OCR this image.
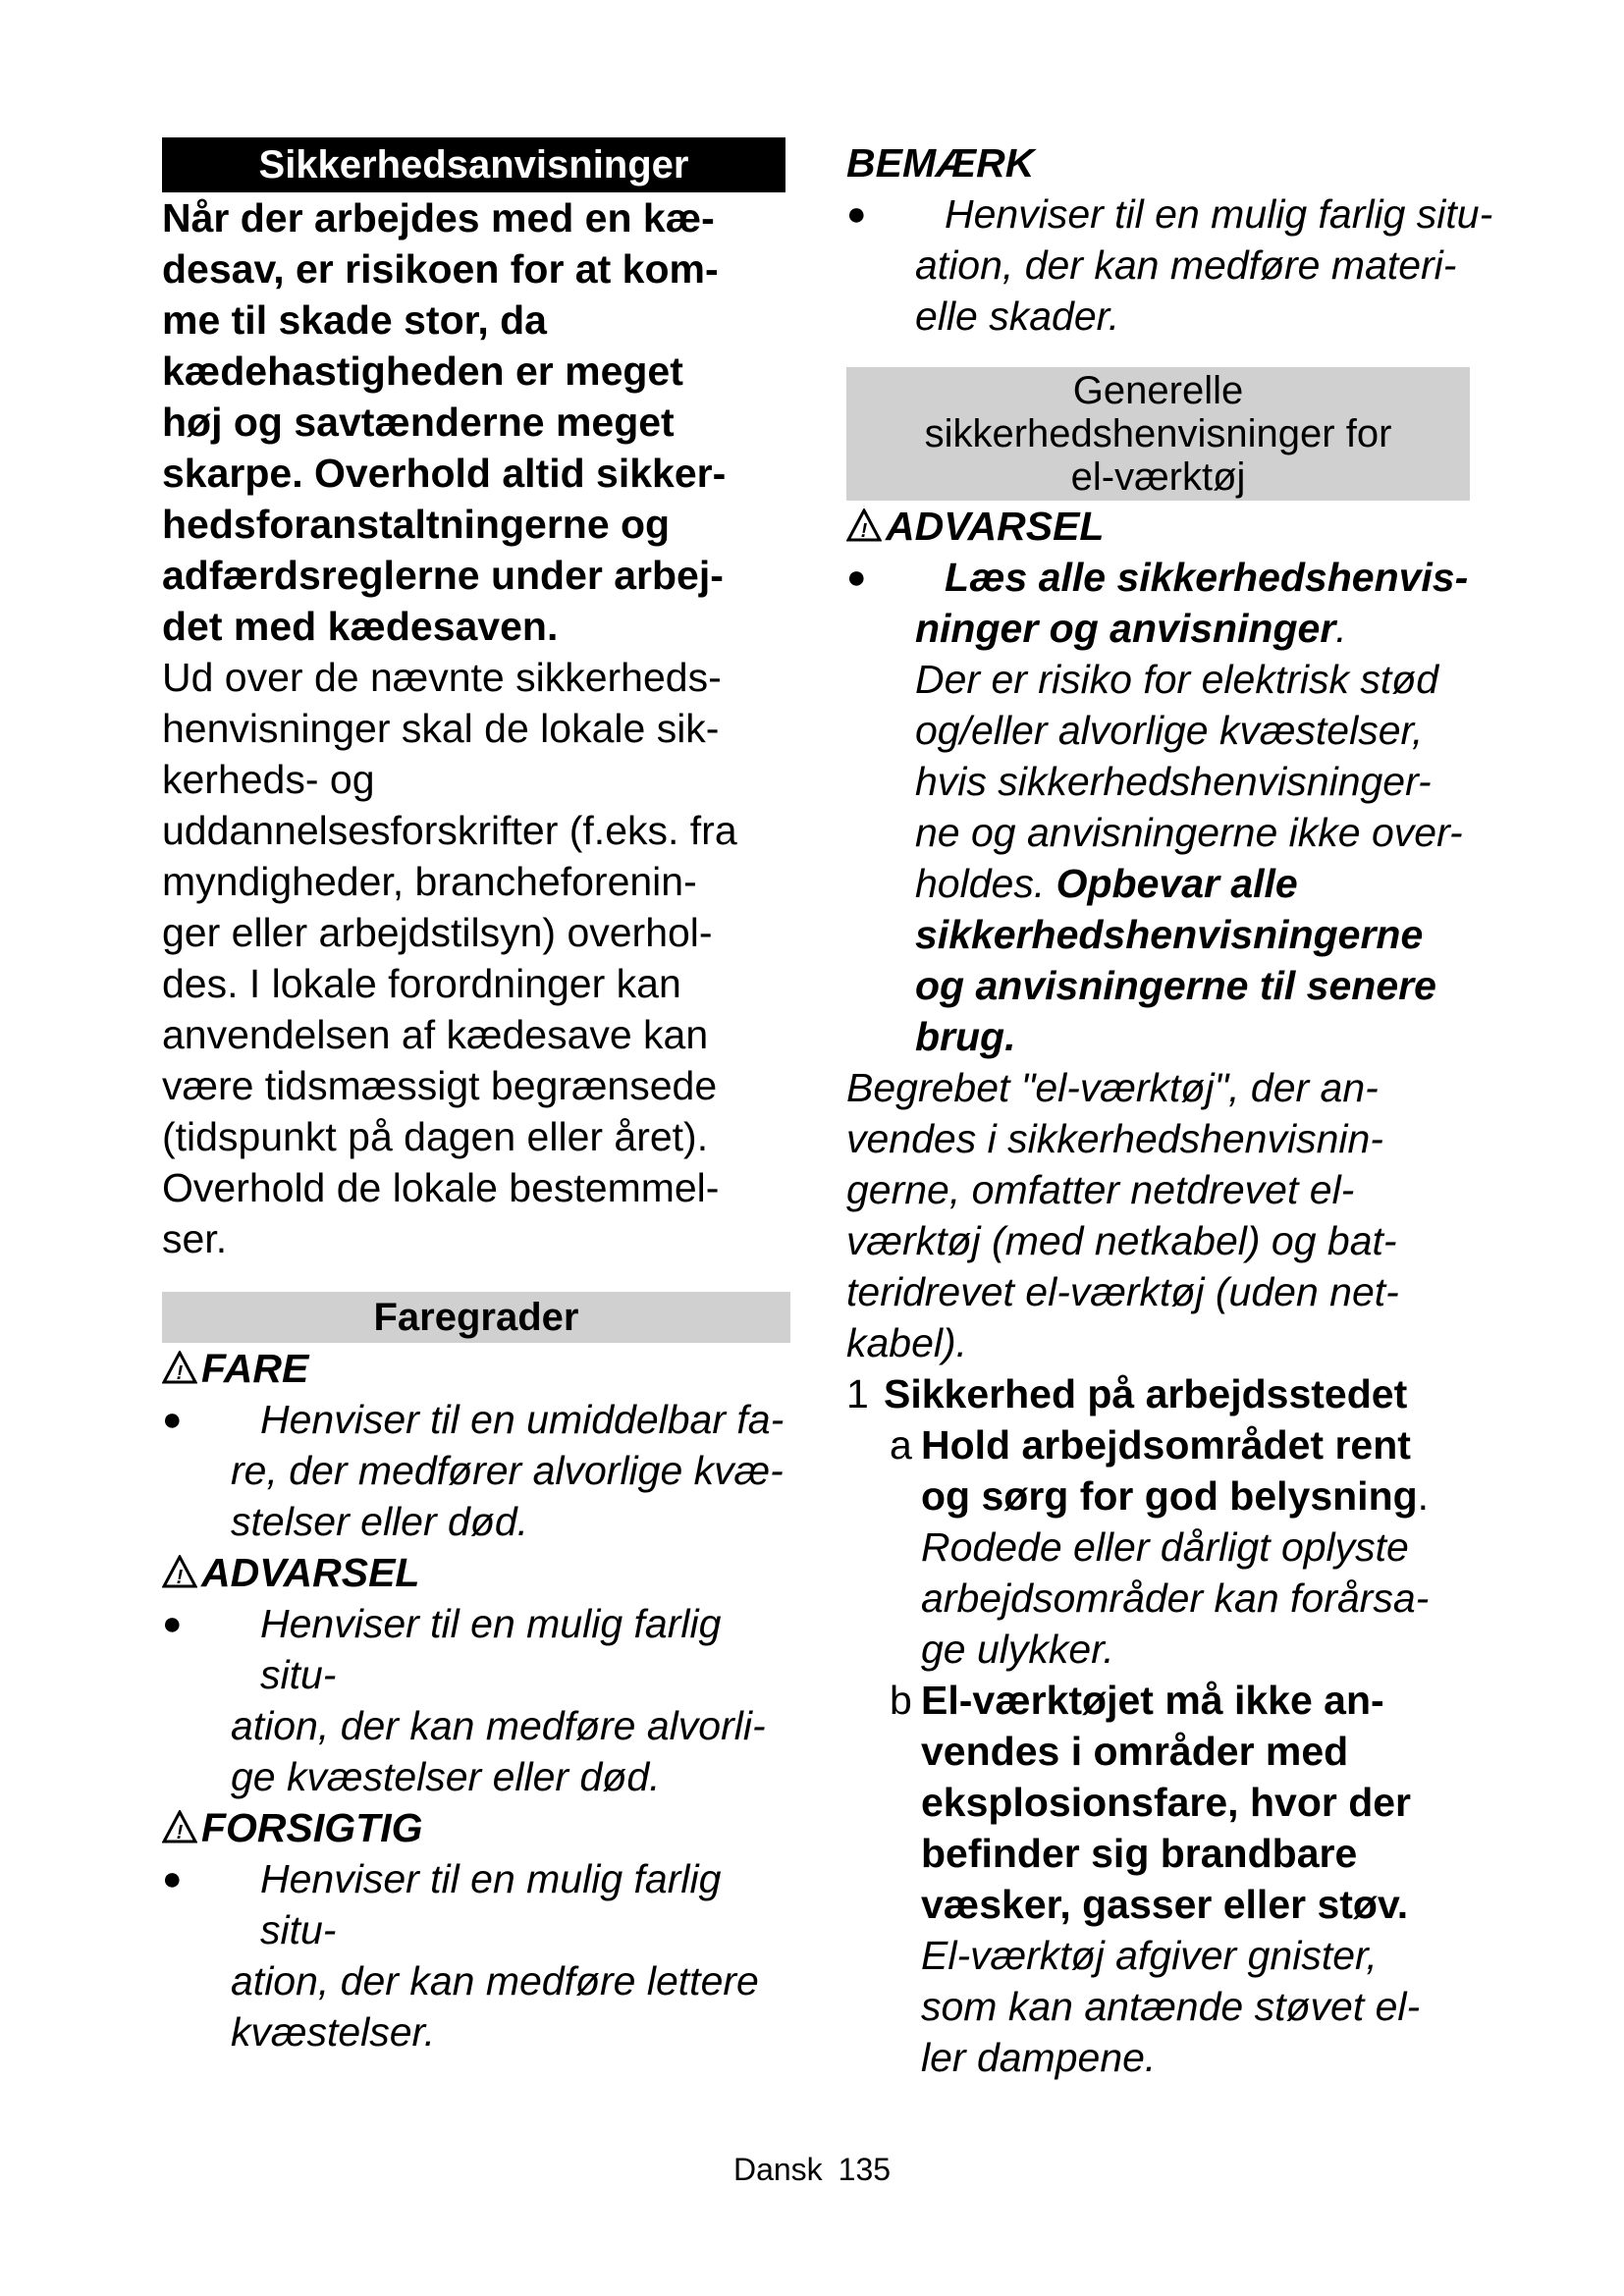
Sikkerhedsanvisninger
Når der arbejdes med en kæ-
desav, er risikoen for at kom-
me til skade stor, da
kædehastigheden er meget
høj og savtænderne meget
skarpe. Overhold altid sikker-
hedsforanstaltningerne og
adfærdsreglerne under arbej-
det med kædesaven.
Ud over de nævnte sikkerheds-
henvisninger skal de lokale sik-
kerheds- og
uddannelsesforskrifter (f.eks. fra
myndigheder, brancheforenin-
ger eller arbejdstilsyn) overhol-
des. I lokale forordninger kan
anvendelsen af kædesave kan
være tidsmæssigt begrænsede
(tidspunkt på dagen eller året).
Overhold de lokale bestemmel-
ser.
Faregrader
! FARE
● Henviser til en umiddelbar fa-
re, der medfører alvorlige kvæ-
stelser eller død.
! ADVARSEL
● Henviser til en mulig farlig situ-
ation, der kan medføre alvorli-
ge kvæstelser eller død.
! FORSIGTIG
● Henviser til en mulig farlig situ-
ation, der kan medføre lettere
kvæstelser.
BEMÆRK
● Henviser til en mulig farlig situ-
ation, der kan medføre materi-
elle skader.
Generelle
sikkerhedshenvisninger for
el-værktøj
! ADVARSEL
● Læs alle sikkerhedshenvis-
ninger og anvisninger.
Der er risiko for elektrisk stød
og/eller alvorlige kvæstelser,
hvis sikkerhedshenvisninger-
ne og anvisningerne ikke over-
holdes. Opbevar alle
sikkerhedshenvisningerne
og anvisningerne til senere
brug.
Begrebet "el-værktøj", der an-
vendes i sikkerhedshenvisnin-
gerne, omfatter netdrevet el-
værktøj (med netkabel) og bat-
teridrevet el-værktøj (uden net-
kabel).
1 Sikkerhed på arbejdsstedet
a Hold arbejdsområdet rent
og sørg for god belysning.
Rodede eller dårligt oplyste
arbejdsområder kan forårsa-
ge ulykker.
b El-værktøjet må ikke an-
vendes i områder med
eksplosionsfare, hvor der
befinder sig brandbare
væsker, gasser eller støv.
El-værktøj afgiver gnister,
som kan antænde støvet el-
ler dampene.
Dansk 135
